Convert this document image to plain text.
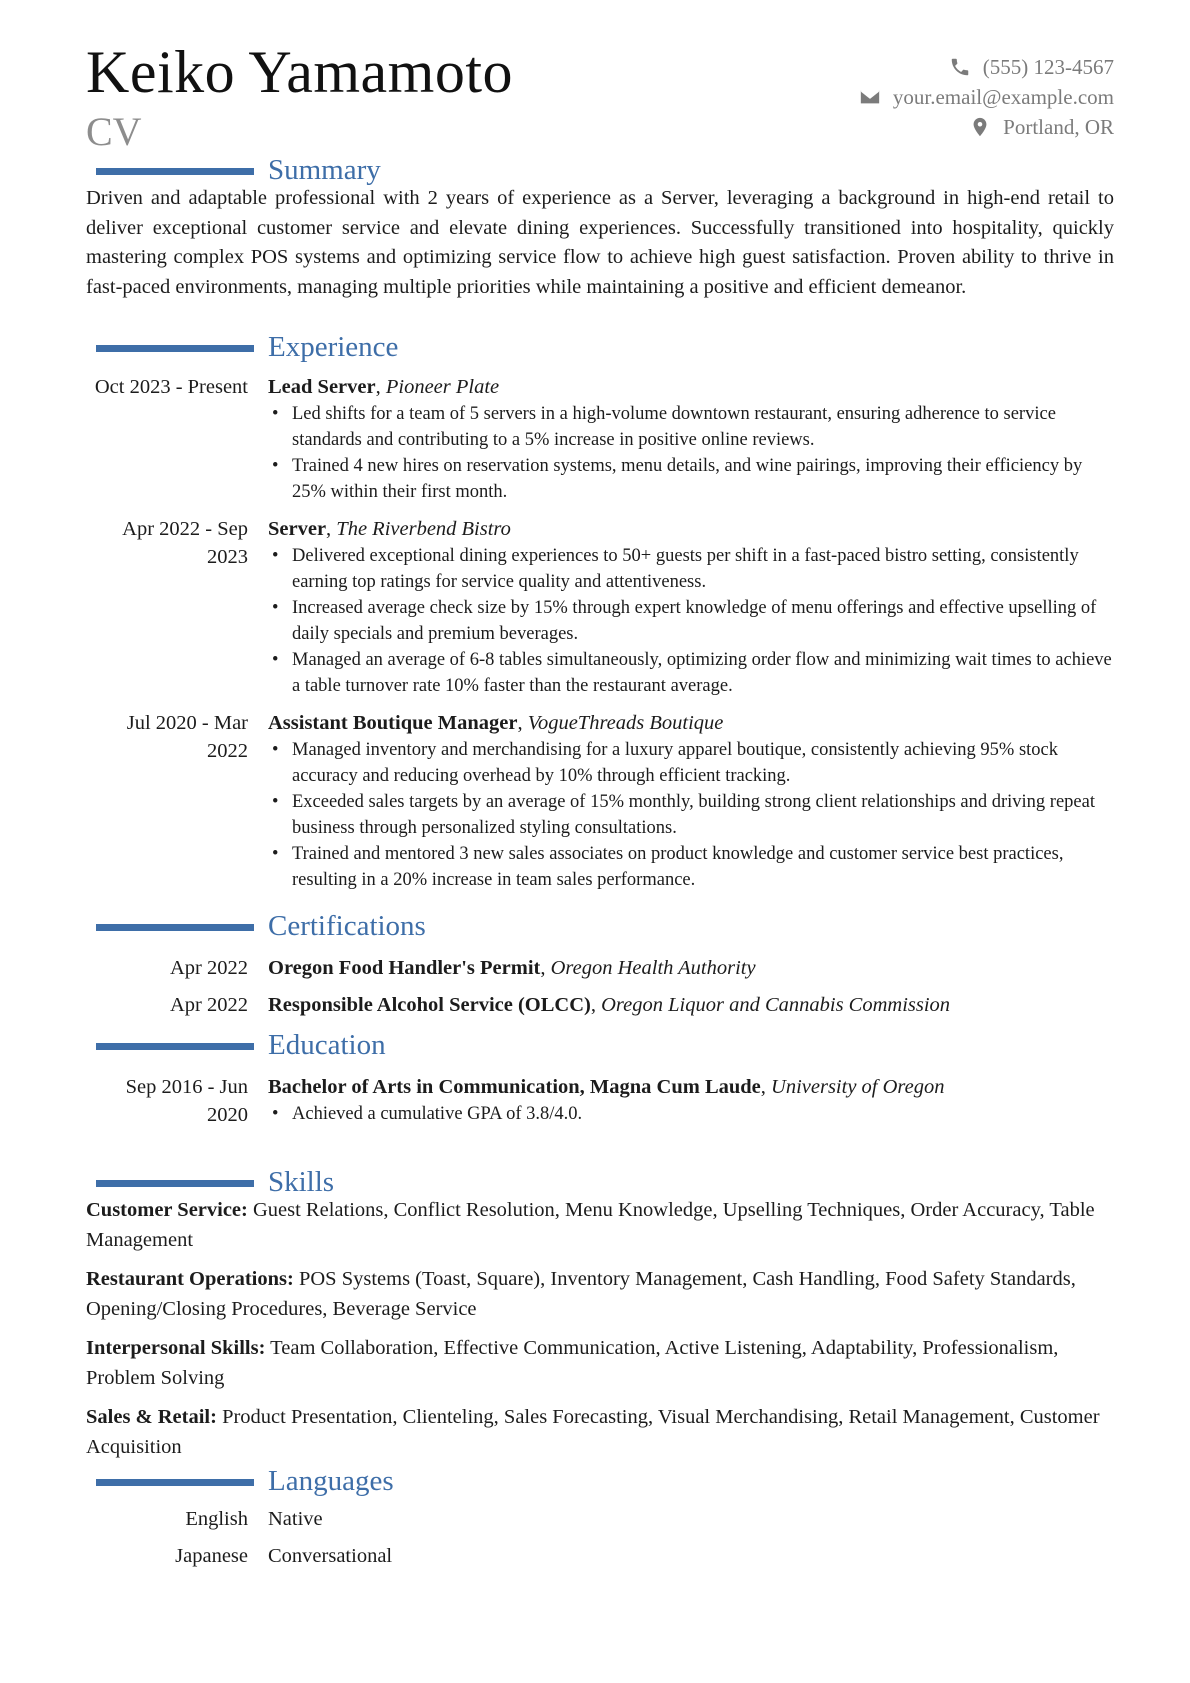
Keiko Yamamoto
CV
(555) 123-4567
your.email@example.com
Portland, OR
Summary

Driven and adaptable professional with 2 years of experience as a Server, leveraging a background in high-end retail to deliver exceptional customer service and elevate dining experiences. Successfully transitioned into hospitality, quickly mastering complex POS systems and optimizing service flow to achieve high guest satisfaction. Proven ability to thrive in fast-paced environments, managing multiple priorities while maintaining a positive and efficient demeanor.

Experience
Oct 2023 - Present Lead Server, Pioneer Plate
• Led shifts for a team of 5 servers in a high-volume downtown restaurant, ensuring adherence to service standards and contributing to a 5% increase in positive online reviews.
• Trained 4 new hires on reservation systems, menu details, and wine pairings, improving their efficiency by 25% within their first month.
Apr 2022 - Sep 2023
Server, The Riverbend Bistro
• Delivered exceptional dining experiences to 50+ guests per shift in a fast-paced bistro setting, consistently earning top ratings for service quality and attentiveness.
• Increased average check size by 15% through expert knowledge of menu offerings and effective upselling of daily specials and premium beverages.
• Managed an average of 6-8 tables simultaneously, optimizing order flow and minimizing wait times to achieve a table turnover rate 10% faster than the restaurant average.
Jul 2020 - Mar 2022
Assistant Boutique Manager, VogueThreads Boutique
• Managed inventory and merchandising for a luxury apparel boutique, consistently achieving 95% stock accuracy and reducing overhead by 10% through efficient tracking.
• Exceeded sales targets by an average of 15% monthly, building strong client relationships and driving repeat business through personalized styling consultations.
• Trained and mentored 3 new sales associates on product knowledge and customer service best practices, resulting in a 20% increase in team sales performance.
Certifications
Apr 2022 Oregon Food Handler's Permit, Oregon Health Authority
Apr 2022 Responsible Alcohol Service (OLCC), Oregon Liquor and Cannabis Commission
Education
Sep 2016 - Jun 2020
Bachelor of Arts in Communication, Magna Cum Laude, University of Oregon
• Achieved a cumulative GPA of 3.8/4.0.
Skills

Customer Service: Guest Relations, Conflict Resolution, Menu Knowledge, Upselling Techniques, Order Accuracy, Table Management

Restaurant Operations: POS Systems (Toast, Square), Inventory Management, Cash Handling, Food Safety Standards, Opening/Closing Procedures, Beverage Service

Interpersonal Skills: Team Collaboration, Effective Communication, Active Listening, Adaptability, Professionalism, Problem Solving

Sales & Retail: Product Presentation, Clienteling, Sales Forecasting, Visual Merchandising, Retail Management, Customer Acquisition

Languages
English Native
Japanese Conversational
